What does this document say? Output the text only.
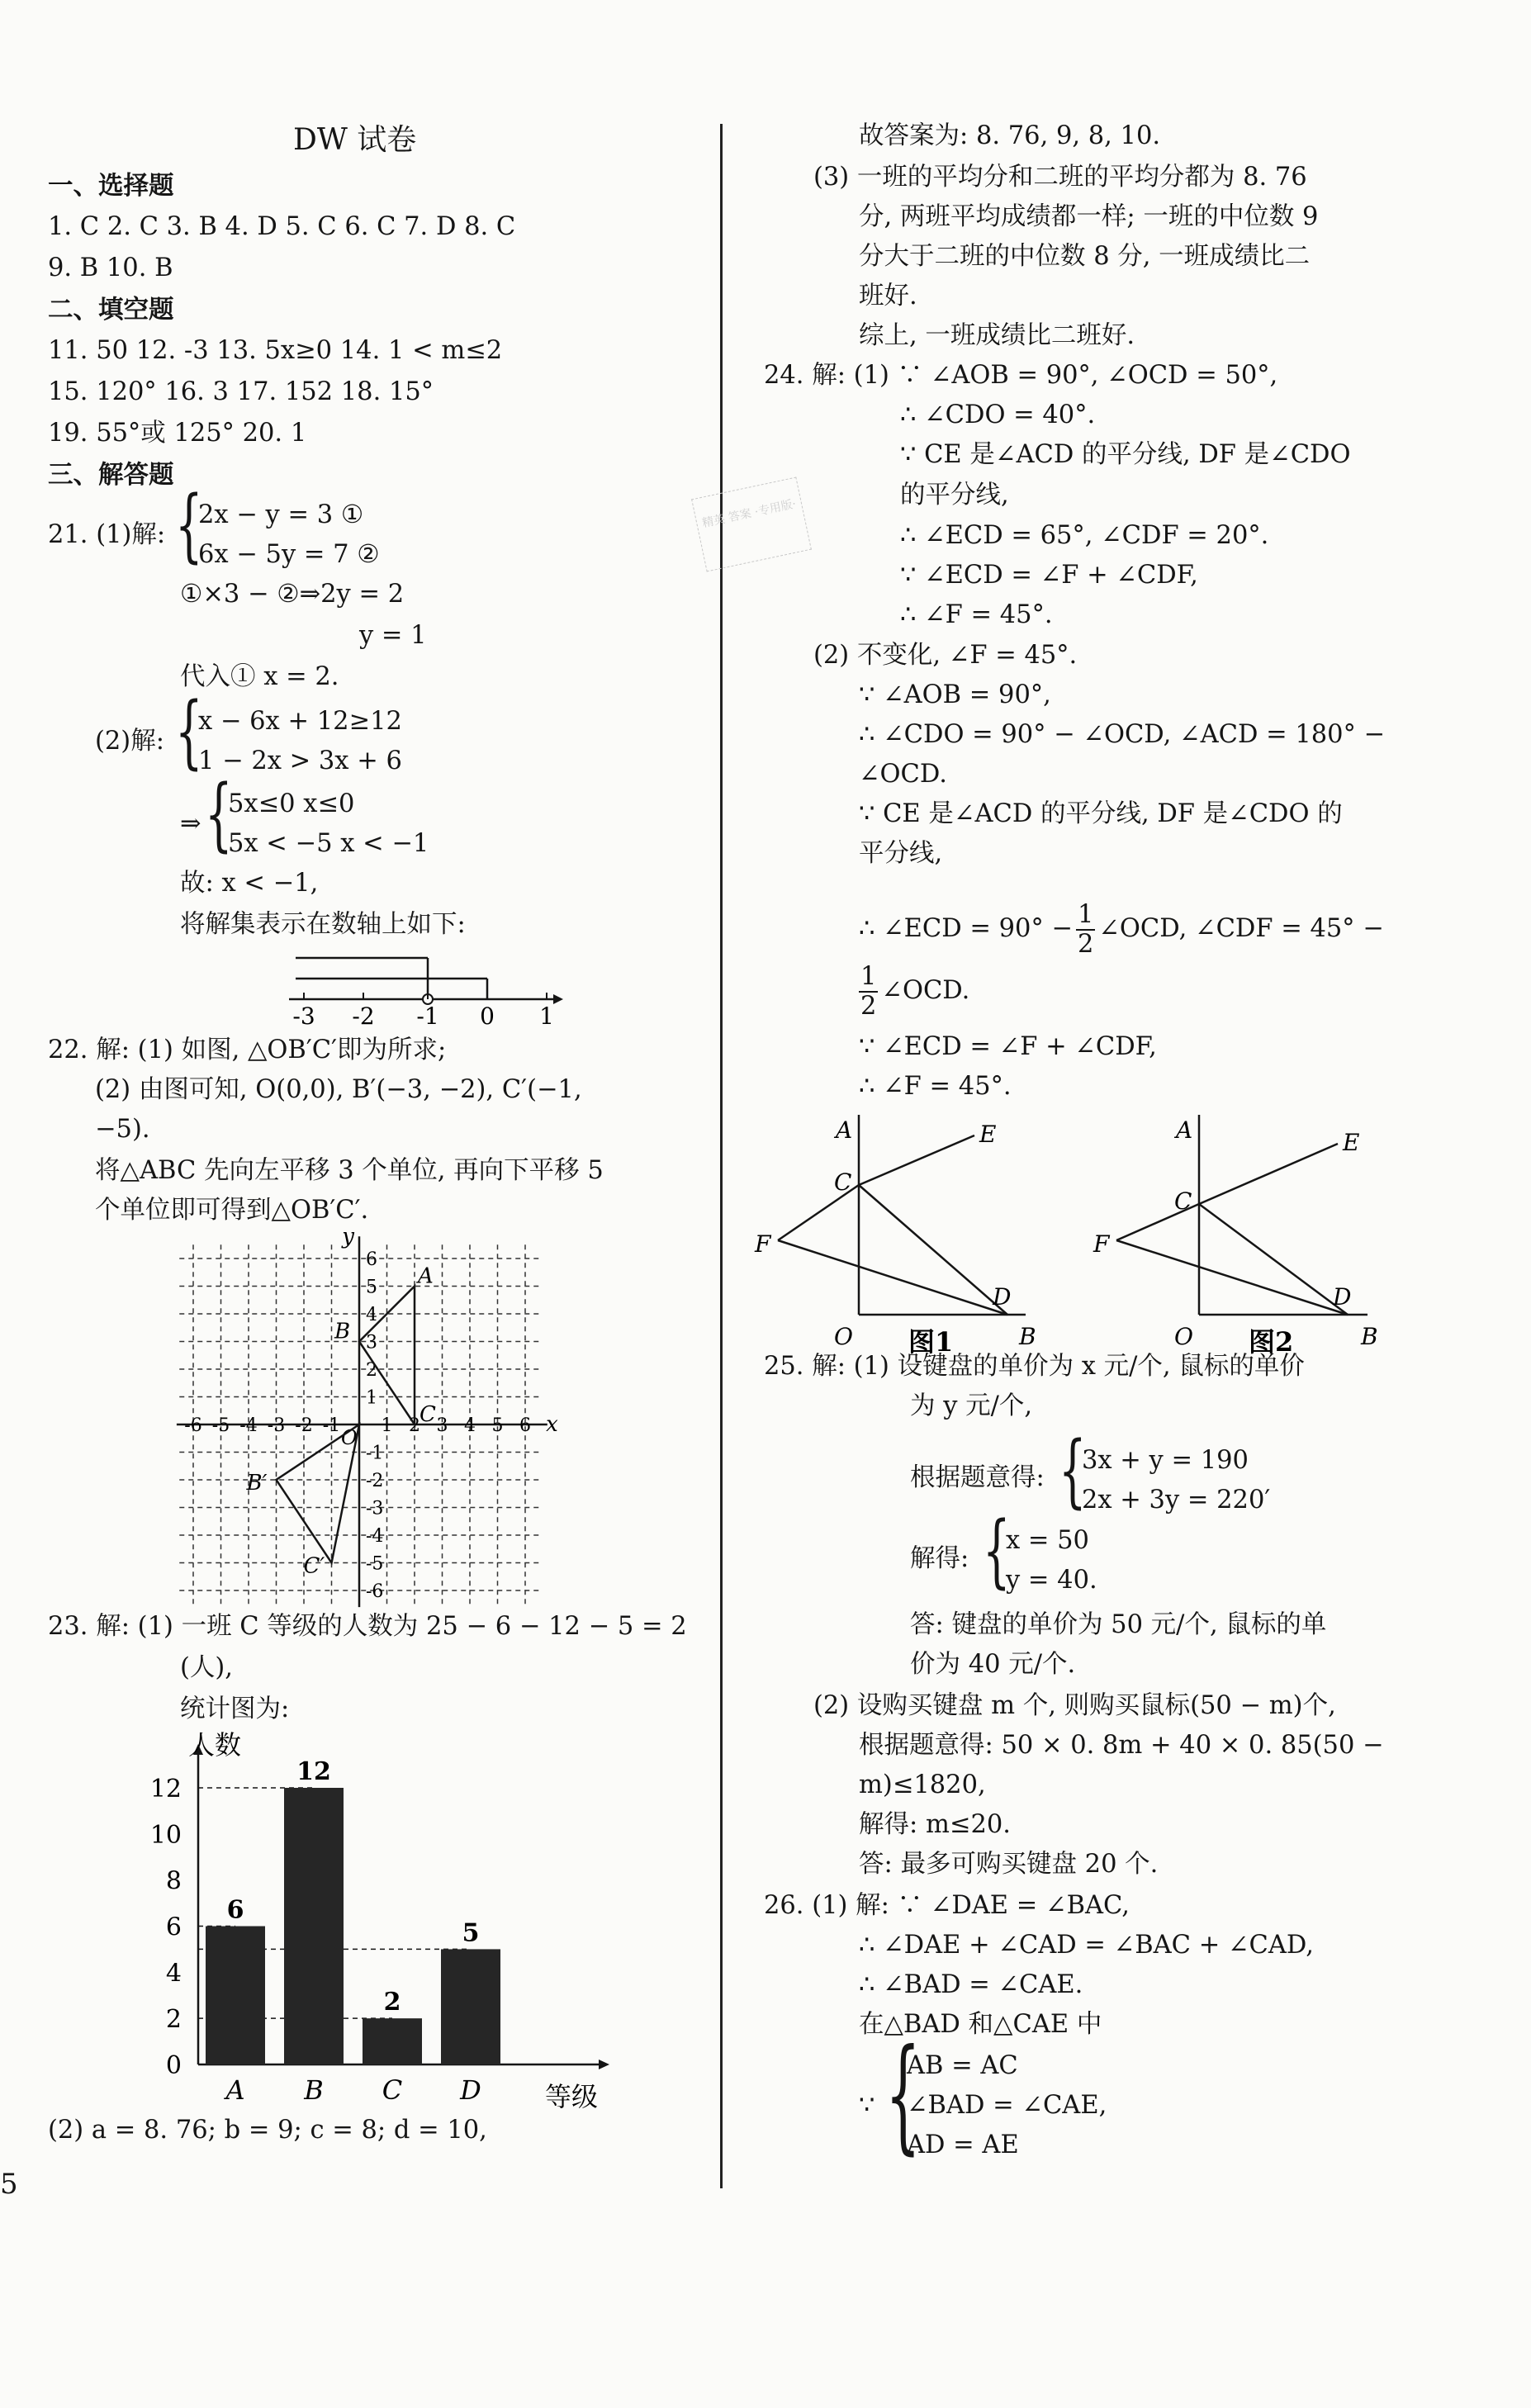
DW 试卷
一、选择题
1. C 2. C 3. B 4. D 5. C 6. C 7. D 8. C
9. B 10. B
二、填空题
11. 50 12. -3 13. 5x≥0 14. 1 < m≤2
15. 120° 16. 3 17. 152 18. 15°
19. 55°或 125° 20. 1
三、解答题
21. (1)解: {
2x − y = 3 ①
6x − 5y = 7 ②
①×3 − ②⇒2y = 2
y = 1
代入① x = 2.
(2)解: {
x − 6x + 12≥12
1 − 2x > 3x + 6
⇒ {
5x≤0 x≤0
5x < −5 x < −1
故: x < −1,
将解集表示在数轴上如下:
-3 -2 -1 0 1
22. 解: (1) 如图, △OB′C′即为所求;
(2) 由图可知, O(0,0), B′(−3, −2), C′(−1,
−5).
将△ABC 先向左平移 3 个单位, 再向下平移 5
个单位即可得到△OB′C′.
x
y
-6 -5 -4 -3 -2 -1 1 2 3 4 5 6
6
5
4
3
2
1
-1
-2
-3
-4
-5
-6
O
A
B
C
B′
C′
23. 解: (1) 一班 C 等级的人数为 25 − 6 − 12 − 5 = 2
(人),
统计图为:
人数
等级
0
2
4
6
8
10
12
6
A
12
B
2
C
5
D
(2) a = 8. 76; b = 9; c = 8; d = 10,
精英 答案 ·专用版·
故答案为: 8. 76, 9, 8, 10.
(3) 一班的平均分和二班的平均分都为 8. 76
分, 两班平均成绩都一样; 一班的中位数 9
分大于二班的中位数 8 分, 一班成绩比二
班好.
综上, 一班成绩比二班好.
24. 解: (1) ∵ ∠AOB = 90°, ∠OCD = 50°,
∴ ∠CDO = 40°.
∵ CE 是∠ACD 的平分线, DF 是∠CDO
的平分线,
∴ ∠ECD = 65°, ∠CDF = 20°.
∵ ∠ECD = ∠F + ∠CDF,
∴ ∠F = 45°.
(2) 不变化, ∠F = 45°.
∵ ∠AOB = 90°,
∴ ∠CDO = 90° − ∠OCD, ∠ACD = 180° −
∠OCD.
∵ CE 是∠ACD 的平分线, DF 是∠CDO 的
平分线,
∴ ∠ECD = $90^\circ - \frac{1}{2}$ ∠OCD, ∠CDF = 45° −
$\frac{1}{2}$ ∠OCD.
∵ ∠ECD = ∠F + ∠CDF,
∴ ∠F = 45°.
A	E
C
F
D
O	B
图1
A	E
C
F
D
O	B
图2
25. 解: (1) 设键盘的单价为 x 元/个, 鼠标的单价
为 y 元/个,
根据题意得: {
3x + y = 190
2x + 3y = 220′
解得: {
x = 50
y = 40.
答: 键盘的单价为 50 元/个, 鼠标的单
价为 40 元/个.
(2) 设购买键盘 m 个, 则购买鼠标(50 − m)个,
根据题意得: 50 × 0. 8m + 40 × 0. 85(50 −
m)≤1820,
解得: m≤20.
答: 最多可购买键盘 20 个.
26. (1) 解: ∵ ∠DAE = ∠BAC,
∴ ∠DAE + ∠CAD = ∠BAC + ∠CAD,
∴ ∠BAD = ∠CAE.
在△BAD 和△CAE 中
∵ {
AB = AC
∠BAD = ∠CAE,
AD = AE
5
